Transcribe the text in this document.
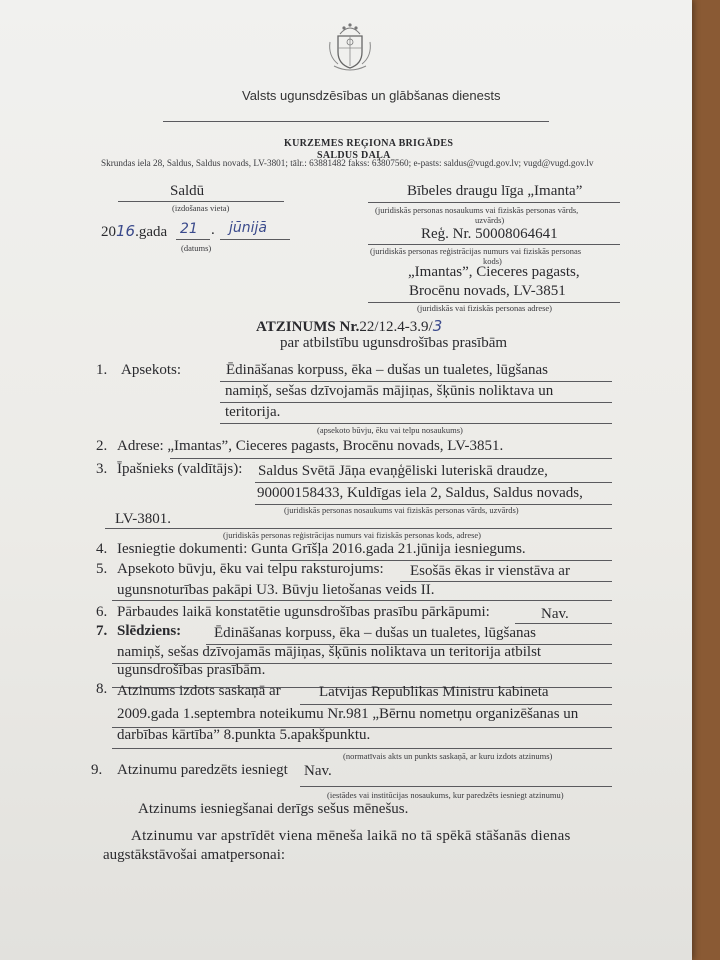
Valsts ugunsdzēsības un glābšanas dienests
KURZEMES REĢIONA BRIGĀDES
SALDUS DAĻA
Skrundas iela 28, Saldus, Saldus novads, LV-3801; tālr.: 63881482 fakss: 63807560; e-pasts: saldus@vugd.gov.lv; vugd@vugd.gov.lv
Saldū
(izdošanas vieta)
2016.gada 21 . jūnijā
(datums)
Bībeles draugu līga „Imanta”
(juridiskās personas nosaukums vai fiziskās personas vārds,
uzvārds)
Reģ. Nr. 50008064641
(juridiskās personas reģistrācijas numurs vai fiziskās personas
kods)
„Imantas”, Cieceres pagasts,
Brocēnu novads, LV-3851
(juridiskās vai fiziskās personas adrese)
ATZINUMS Nr.22/12.4-3.9/3
par atbilstību ugunsdrošības prasībām
1. Apsekots:	Ēdināšanas korpuss, ēka – dušas un tualetes, lūgšanas
namiņš, sešas dzīvojamās mājiņas, šķūnis noliktava un
teritorija.
(apsekoto būvju, ēku vai telpu nosaukums)
2. Adrese: „Imantas”, Cieceres pagasts, Brocēnu novads, LV-3851.
3. Īpašnieks (valdītājs): Saldus Svētā Jāņa evaņģēliski luteriskā draudze,
90000158433, Kuldīgas iela 2, Saldus, Saldus novads,
(juridiskās personas nosaukums vai fiziskās personas vārds, uzvārds)
LV-3801.
(juridiskās personas reģistrācijas numurs vai fiziskās personas kods, adrese)
4. Iesniegtie dokumenti: Gunta Grīšļa 2016.gada 21.jūnija iesniegums.
5. Apsekoto būvju, ēku vai telpu raksturojums: Esošās ēkas ir vienstāva ar
ugunsnoturības pakāpi U3. Būvju lietošanas veids II.
6. Pārbaudes laikā konstatētie ugunsdrošības prasību pārkāpumi:	Nav.
7. Slēdziens: Ēdināšanas korpuss, ēka – dušas un tualetes, lūgšanas
namiņš, sešas dzīvojamās mājiņas, šķūnis noliktava un teritorija atbilst
ugunsdrošības prasībām.
8. Atzinums izdots saskaņā ar	Latvijas Republikas Ministru kabineta
2009.gada 1.septembra noteikumu Nr.981 „Bērnu nometņu organizēšanas un
darbības kārtība” 8.punkta 5.apakšpunktu.
(normatīvais akts un punkts saskaņā, ar kuru izdots atzinums)
9. Atzinumu paredzēts iesniegt Nav.
(iestādes vai institūcijas nosaukums, kur paredzēts iesniegt atzinumu)
Atzinums iesniegšanai derīgs sešus mēnešus.
Atzinumu var apstrīdēt viena mēneša laikā no tā spēkā stāšanās dienas
augstākstāvošai amatpersonai:
